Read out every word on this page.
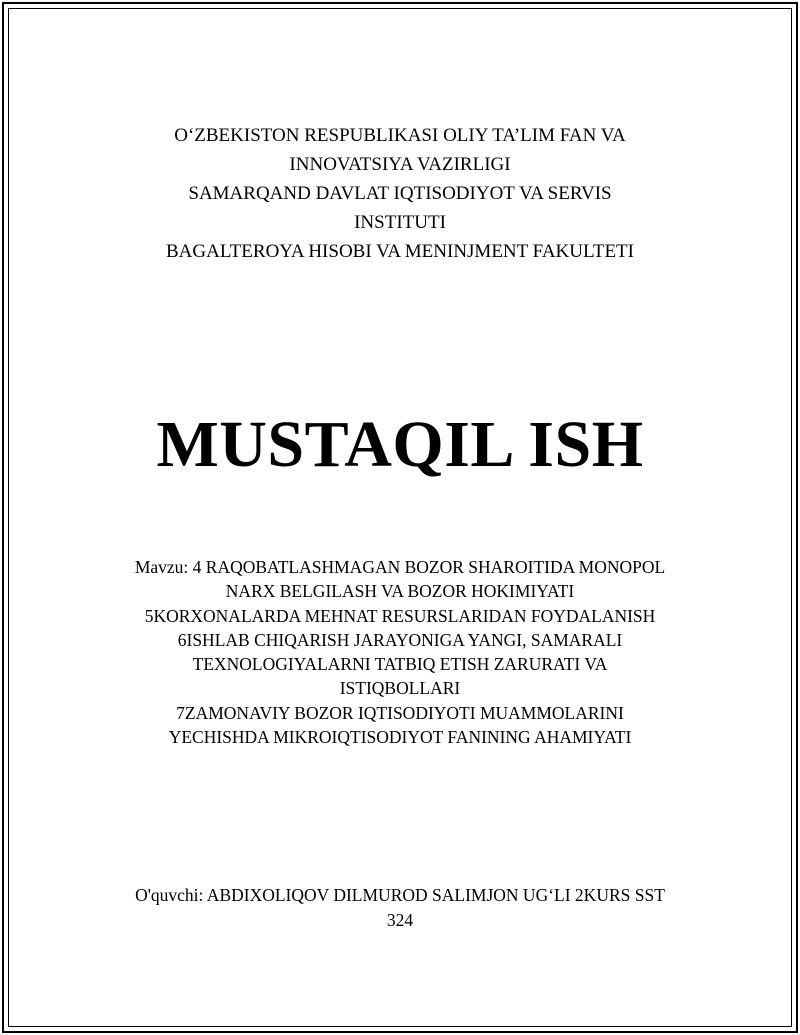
O‘ZBEKISTON RESPUBLIKASI OLIY TA’LIM FAN VA
INNOVATSIYA VAZIRLIGI
SAMARQAND DAVLAT IQTISODIYOT VA SERVIS
INSTITUTI
BAGALTEROYA HISOBI VA MENINJMENT FAKULTETI
MUSTAQIL ISH
Mavzu: 4 RAQOBATLASHMAGAN BOZOR SHAROITIDA MONOPOL
NARX BELGILASH VA BOZOR HOKIMIYATI
5KORXONALARDA MEHNAT RESURSLARIDAN FOYDALANISH
6ISHLAB CHIQARISH JARAYONIGA YANGI, SAMARALI
TEXNOLOGIYALARNI TATBIQ ETISH ZARURATI VA
ISTIQBOLLARI
7ZAMONAVIY BOZOR IQTISODIYOTI MUAMMOLARINI
YECHISHDA MIKROIQTISODIYOT FANINING AHAMIYATI
O'quvchi: ABDIXOLIQOV DILMUROD SALIMJON UG‘LI 2KURS SST
324
